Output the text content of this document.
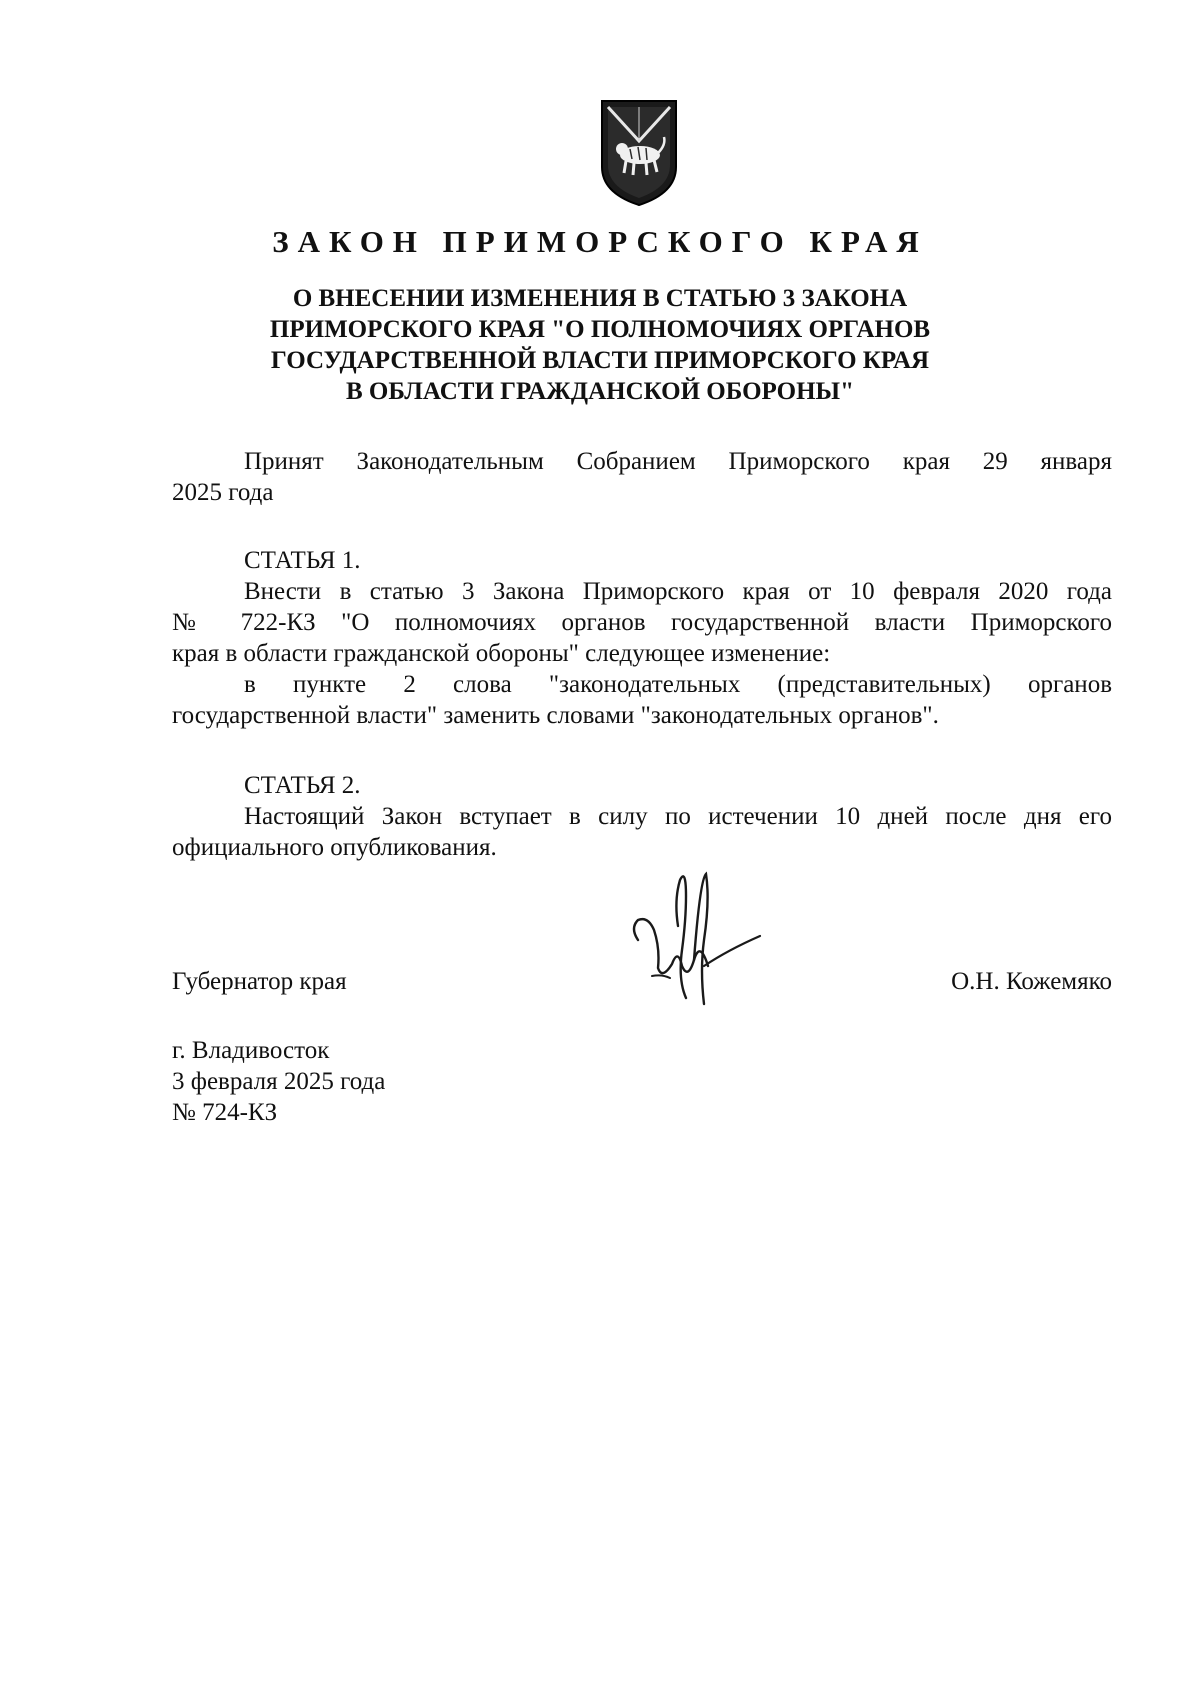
ЗАКОН ПРИМОРСКОГО КРАЯ
О ВНЕСЕНИИ ИЗМЕНЕНИЯ В СТАТЬЮ 3 ЗАКОНА
ПРИМОРСКОГО КРАЯ "О ПОЛНОМОЧИЯХ ОРГАНОВ
ГОСУДАРСТВЕННОЙ ВЛАСТИ ПРИМОРСКОГО КРАЯ
В ОБЛАСТИ ГРАЖДАНСКОЙ ОБОРОНЫ"
Принят Законодательным Собранием Приморского края 29 января
2025 года
СТАТЬЯ 1.
Внести в статью 3 Закона Приморского края от 10 февраля 2020 года
№ 722-КЗ "О полномочиях органов государственной власти Приморского
края в области гражданской обороны" следующее изменение:
в пункте 2 слова "законодательных (представительных) органов
государственной власти" заменить словами "законодательных органов".
СТАТЬЯ 2.
Настоящий Закон вступает в силу по истечении 10 дней после дня его
официального опубликования.
Губернатор края	О.Н. Кожемяко
г. Владивосток
3 февраля 2025 года
№ 724-КЗ
